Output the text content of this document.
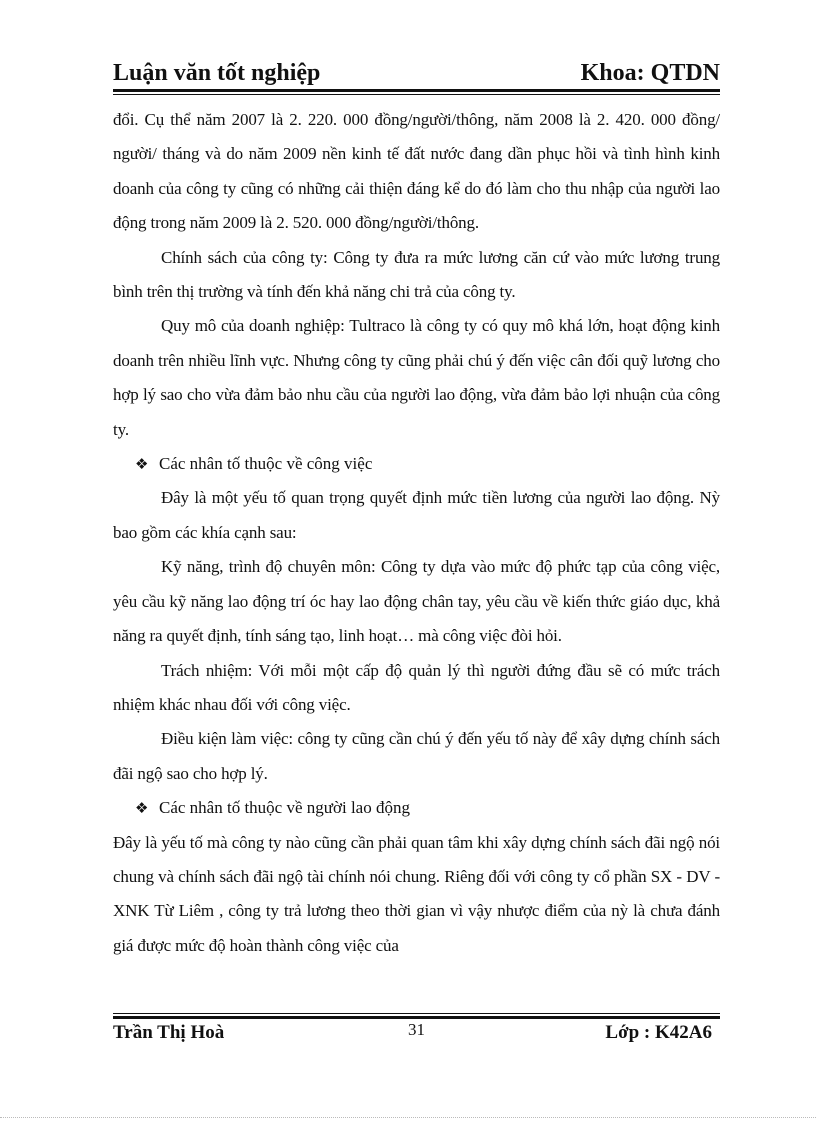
Luận văn tốt nghiệp	Khoa: QTDN

đổi. Cụ thể năm 2007 là 2. 220. 000 đồng/người/thông, năm 2008 là 2. 420. 000 đồng/ người/ tháng và do năm 2009 nền kinh tế đất nước đang dần phục hồi và tình hình kinh doanh của công ty cũng có những cải thiện đáng kể do đó làm cho thu nhập của người lao động trong năm 2009 là 2. 520. 000 đồng/người/thông.

Chính sách của công ty: Công ty đưa ra mức lương căn cứ vào mức lương trung bình trên thị trường và tính đến khả năng chi trả của công ty.

Quy mô của doanh nghiệp: Tultraco là công ty có quy mô khá lớn, hoạt động kinh doanh trên nhiều lĩnh vực. Nhưng công ty cũng phải chú ý đến việc cân đối quỹ lương cho hợp lý sao cho vừa đảm bảo nhu cầu của người lao động, vừa đảm bảo lợi nhuận của công ty.

❖
Các nhân tố thuộc về công việc

Đây là một yếu tố quan trọng quyết định mức tiền lương của người lao động. Nỳ bao gồm các khía cạnh sau:

Kỹ năng, trình độ chuyên môn: Công ty dựa vào mức độ phức tạp của công việc, yêu cầu kỹ năng lao động trí óc hay lao động chân tay, yêu cầu về kiến thức giáo dục, khả năng ra quyết định, tính sáng tạo, linh hoạt… mà công việc đòi hỏi.

Trách nhiệm: Với mỗi một cấp độ quản lý thì người đứng đầu sẽ có mức trách nhiệm khác nhau đối với công việc.

Điều kiện làm việc: công ty cũng cần chú ý đến yếu tố này để xây dựng chính sách đãi ngộ sao cho hợp lý.

❖
Các nhân tố thuộc về người lao động

Đây là yếu tố mà công ty nào cũng cần phải quan tâm khi xây dựng chính sách đãi ngộ nói chung và chính sách đãi ngộ tài chính nói chung. Riêng đối với công ty cổ phần SX - DV - XNK Từ Liêm , công ty trả lương theo thời gian vì vậy nhược điểm của nỳ là chưa đánh giá được mức độ hoàn thành công việc của

Trần Thị Hoà	31	Lớp : K42A6
